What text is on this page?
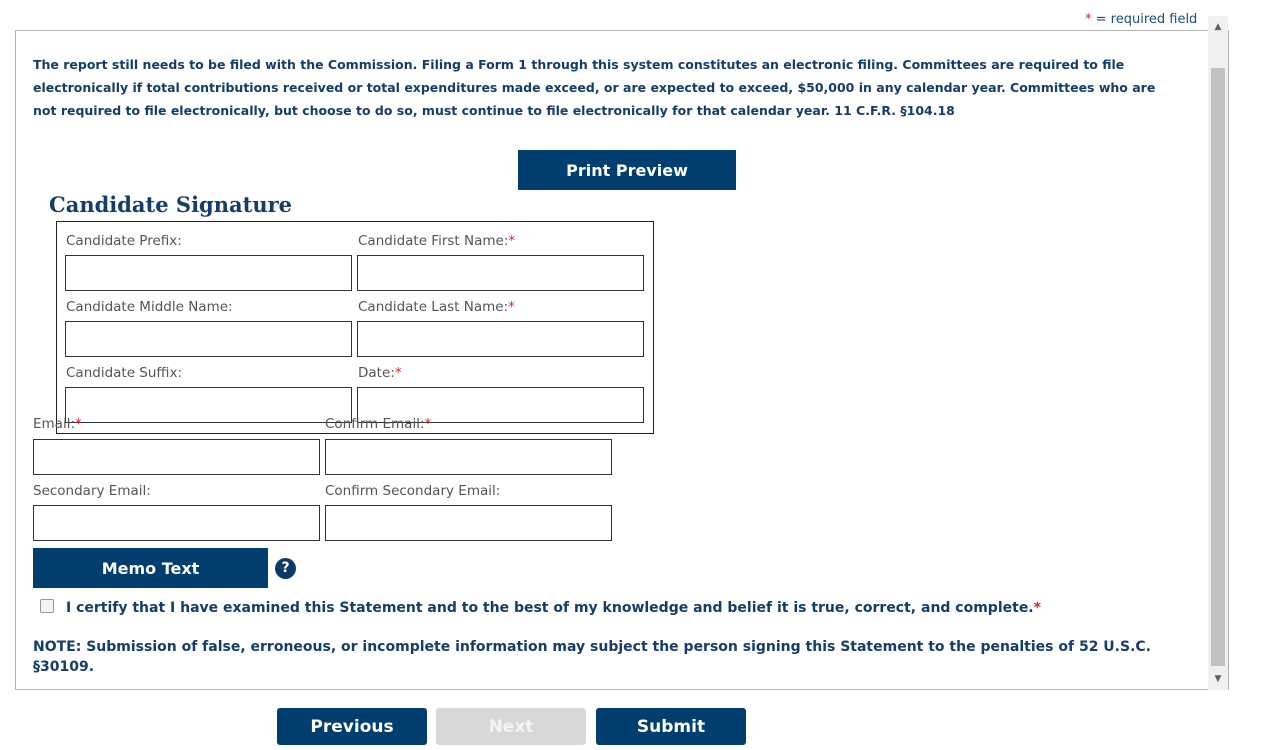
The report still needs to be filed with the Commission. Filing a Form 1 through this system constitutes an electronic filing. Committees are required to file electronically if total contributions received or total expenditures made exceed, or are expected to exceed, $50,000 in any calendar year. Committees who are not required to file electronically, but choose to do so, must continue to file electronically for that calendar year. 11 C.F.R. §104.18
Print Preview
Candidate Signature
Candidate Prefix:	Candidate First Name:*
Candidate Middle Name:	Candidate Last Name:*
Candidate Suffix:	Date:*
* = required field
Email:*	Confirm Email:*
Secondary Email:	Confirm Secondary Email:
Memo Text	?
I certify that I have examined this Statement and to the best of my knowledge and belief it is true, correct, and complete.*
NOTE: Submission of false, erroneous, or incomplete information may subject the person signing this Statement to the penalties of 52 U.S.C. §30109.
▲
▼
Previous	Next	Submit
